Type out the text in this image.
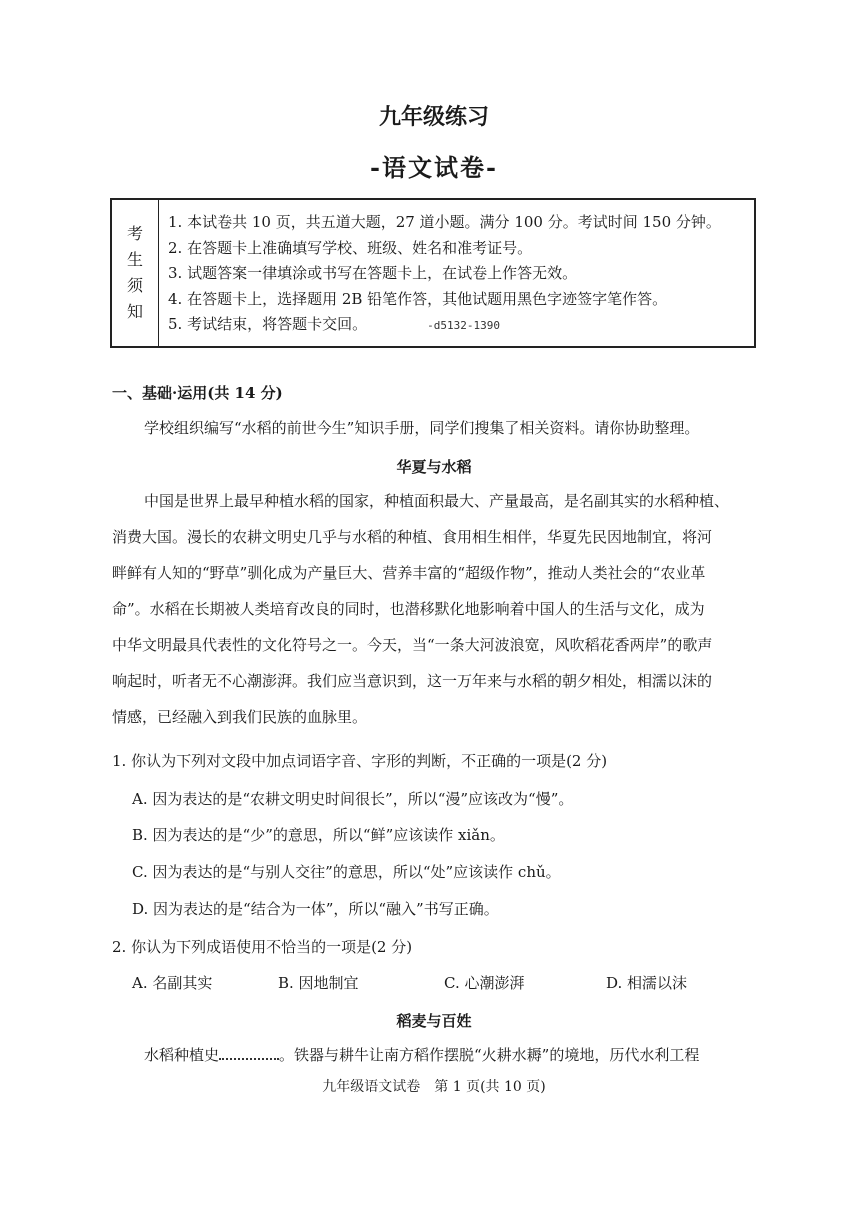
九年级练习
-语文试卷-
考
生
须
知
1. 本试卷共 10 页，共五道大题，27 道小题。满分 100 分。考试时间 150 分钟。
2. 在答题卡上准确填写学校、班级、姓名和准考证号。
3. 试题答案一律填涂或书写在答题卡上，在试卷上作答无效。
4. 在答题卡上，选择题用 2B 铅笔作答，其他试题用黑色字迹签字笔作答。
5. 考试结束，将答题卡交回。	-d5132-1390
一、基础·运用(共 14 分)
学校组织编写“水稻的前世今生”知识手册，同学们搜集了相关资料。请你协助整理。
华夏与水稻
中国是世界上最早种植水稻的国家，种植面积最大、产量最高，是名副其实的水稻种植、
消费大国。漫长的农耕文明史几乎与水稻的种植、食用相生相伴，华夏先民因地制宜，将河
畔鲜有人知的“野草”驯化成为产量巨大、营养丰富的“超级作物”，推动人类社会的“农业革
命”。水稻在长期被人类培育改良的同时，也潜移默化地影响着中国人的生活与文化，成为
中华文明最具代表性的文化符号之一。今天，当“一条大河波浪宽，风吹稻花香两岸”的歌声
响起时，听者无不心潮澎湃。我们应当意识到，这一万年来与水稻的朝夕相处，相濡以沫的
情感，已经融入到我们民族的血脉里。
1. 你认为下列对文段中加点词语字音、字形的判断，不正确的一项是(2 分)
A. 因为表达的是“农耕文明史时间很长”，所以“漫”应该改为“慢”。
B. 因为表达的是“少”的意思，所以“鲜”应该读作 xiǎn。
C. 因为表达的是“与别人交往”的意思，所以“处”应该读作 chǔ。
D. 因为表达的是“结合为一体”，所以“融入”书写正确。
2. 你认为下列成语使用不恰当的一项是(2 分)
A. 名副其实	B. 因地制宜	C. 心潮澎湃	D. 相濡以沫
稻麦与百姓
水稻种植史	。铁器与耕牛让南方稻作摆脱“火耕水耨”的境地，历代水利工程
九年级语文试卷　第 1 页(共 10 页)
